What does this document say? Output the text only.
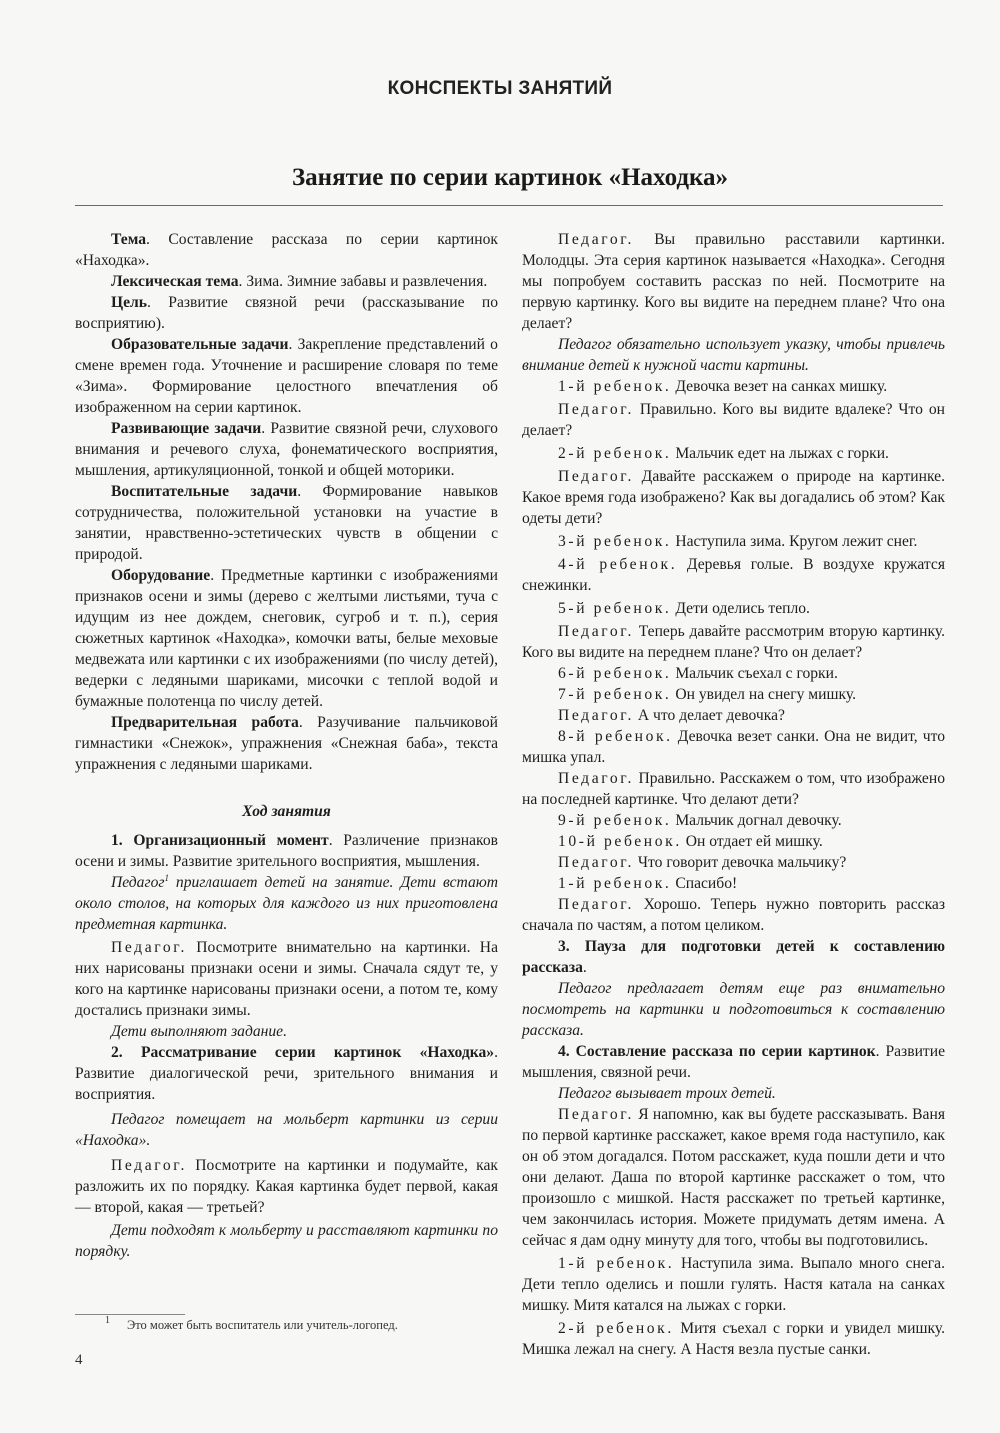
КОНСПЕКТЫ ЗАНЯТИЙ
Занятие по серии картинок «Находка»

Тема. Составление рассказа по серии картинок «Находка».

Лексическая тема. Зима. Зимние забавы и развлечения.

Цель. Развитие связной речи (рассказывание по восприятию).

Образовательные задачи. Закрепление представлений о смене времен года. Уточнение и расширение словаря по теме «Зима». Формирование целостного впечатления об изображенном на серии картинок.

Развивающие задачи. Развитие связной речи, слухового внимания и речевого слуха, фонематического восприятия, мышления, артикуляционной, тонкой и общей моторики.

Воспитательные задачи. Формирование навыков сотрудничества, положительной установки на участие в занятии, нравственно-эстетических чувств в общении с природой.

Оборудование. Предметные картинки с изображениями признаков осени и зимы (дерево с желтыми листьями, туча с идущим из нее дождем, снеговик, сугроб и т. п.), серия сюжетных картинок «Находка», комочки ваты, белые меховые медвежата или картинки с их изображениями (по числу детей), ведерки с ледяными шариками, мисочки с теплой водой и бумажные полотенца по числу детей.

Предварительная работа. Разучивание пальчиковой гимнастики «Снежок», упражнения «Снежная баба», текста упражнения с ледяными шариками.

Ход занятия

1. Организационный момент. Различение признаков осени и зимы. Развитие зрительного восприятия, мышления.

Педагог$^1$ приглашает детей на занятие. Дети встают около столов, на которых для каждого из них приготовлена предметная картинка.

Педагог. Посмотрите внимательно на картинки. На них нарисованы признаки осени и зимы. Сначала сядут те, у кого на картинке нарисованы признаки осени, а потом те, кому достались признаки зимы.

Дети выполняют задание.

2. Рассматривание серии картинок «Находка». Развитие диалогической речи, зрительного внимания и восприятия.

Педагог помещает на мольберт картинки из серии «Находка».

Педагог. Посмотрите на картинки и подумайте, как разложить их по порядку. Какая картинка будет первой, какая — второй, какая — третьей?

Дети подходят к мольберту и расставляют картинки по порядку.

Педагог. Вы правильно расставили картинки. Молодцы. Эта серия картинок называется «Находка». Сегодня мы попробуем составить рассказ по ней. Посмотрите на первую картинку. Кого вы видите на переднем плане? Что она делает?

Педагог обязательно использует указку, чтобы привлечь внимание детей к нужной части картины.

1-й ребенок. Девочка везет на санках мишку.

Педагог. Правильно. Кого вы видите вдалеке? Что он делает?

2-й ребенок. Мальчик едет на лыжах с горки.

Педагог. Давайте расскажем о природе на картинке. Какое время года изображено? Как вы догадались об этом? Как одеты дети?

3-й ребенок. Наступила зима. Кругом лежит снег.

4-й ребенок. Деревья голые. В воздухе кружатся снежинки.

5-й ребенок. Дети оделись тепло.

Педагог. Теперь давайте рассмотрим вторую картинку. Кого вы видите на переднем плане? Что он делает?

6-й ребенок. Мальчик съехал с горки.

7-й ребенок. Он увидел на снегу мишку.

Педагог. А что делает девочка?

8-й ребенок. Девочка везет санки. Она не видит, что мишка упал.

Педагог. Правильно. Расскажем о том, что изображено на последней картинке. Что делают дети?

9-й ребенок. Мальчик догнал девочку.

10-й ребенок. Он отдает ей мишку.

Педагог. Что говорит девочка мальчику?

1-й ребенок. Спасибо!

Педагог. Хорошо. Теперь нужно повторить рассказ сначала по частям, а потом целиком.

3. Пауза для подготовки детей к составлению рассказа.

Педагог предлагает детям еще раз внимательно посмотреть на картинки и подготовиться к составлению рассказа.

4. Составление рассказа по серии картинок. Развитие мышления, связной речи.

Педагог вызывает троих детей.

Педагог. Я напомню, как вы будете рассказывать. Ваня по первой картинке расскажет, какое время года наступило, как он об этом догадался. Потом расскажет, куда пошли дети и что они делают. Даша по второй картинке расскажет о том, что произошло с мишкой. Настя расскажет по третьей картинке, чем закончилась история. Можете придумать детям имена. А сейчас я дам одну минуту для того, чтобы вы подготовились.

1-й ребенок. Наступила зима. Выпало много снега. Дети тепло оделись и пошли гулять. Настя катала на санках мишку. Митя катался на лыжах с горки.

2-й ребенок. Митя съехал с горки и увидел мишку. Мишка лежал на снегу. А Настя везла пустые санки.

1 Это может быть воспитатель или учитель-логопед.
4
